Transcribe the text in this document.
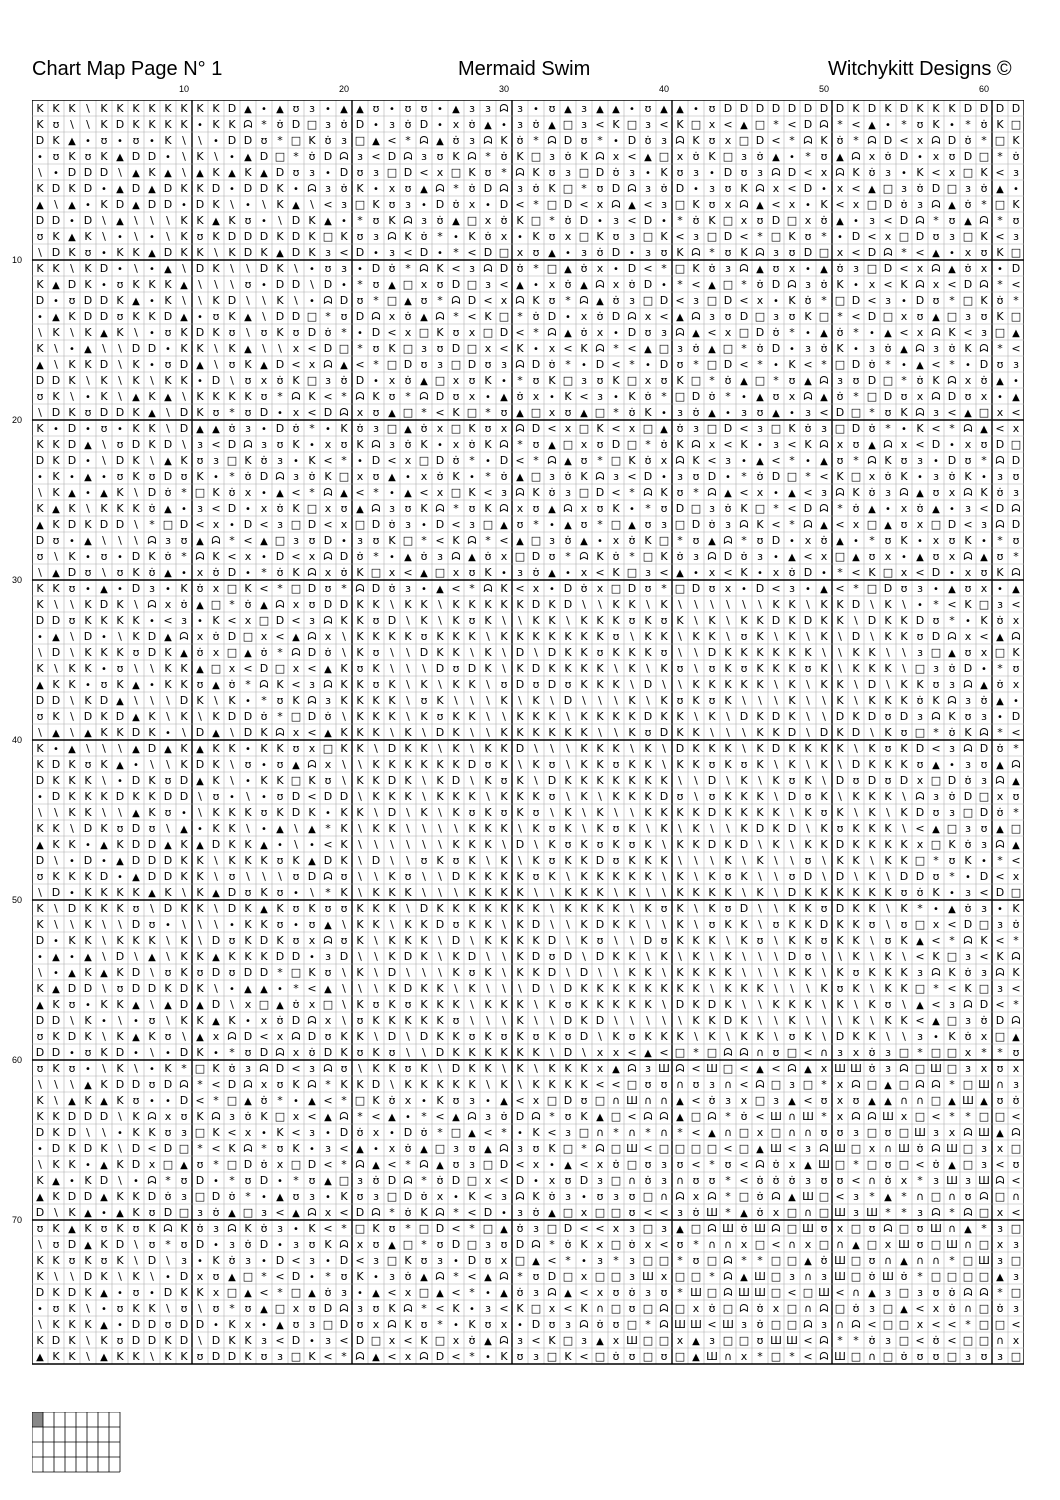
Chart Map Page N° 1	Mermaid Swim	Witchykitt Designs ©
10	20	30	40	50	60
10
20
30
40
50
60
70
K K K \ K K K K K K K K D ▲ • ▲ ʊ ɜ • ▲ ▲ ʊ • ʊ ʊ • ▲ ɜ ɜ ᗣ ɜ • ʊ ▲ ɜ ▲ ▲ • ʊ ▲ ▲ • ʊ D D D D D D D D K D K D K K K D D D D
K ʊ \ \ K D K K K K • K K ᗣ * ʊ̇ D □ ɜ ʊ̇ D • ɜ ʊ̇ D • x ʊ̇ ▲ • ɜ ʊ̇ ▲ □ ɜ < K □ ɜ < K □ x < ▲ □ * < D ᗣ * < ▲ • * ʊ K • * ʊ̇ K □
D K ▲ • ʊ • ʊ • K \ \ • D D ʊ * □ K ʊ̇ ɜ □ ▲ < * ᗣ ▲ ʊ̇ ɜ ᗣ K ʊ̇ * ᗣ D ʊ * • D ʊ̇ ɜ ᗣ K ʊ x □ D < * ᗣ K ʊ̇ * ᗣ D < x ᗣ D ʊ̇ * □ K
• ʊ K ʊ K ▲ D D • \ K \ • ▲ D □ * ʊ̇ D ᗣ ɜ < D ᗣ ɜ ʊ K ᗣ * ʊ̇ K □ ɜ ʊ̇ K ᗣ x < ▲ □ x ʊ̇ K □ ɜ ʊ̇ ▲ • * ʊ ▲ ᗣ x ʊ̇ D • x ʊ D □ * ʊ̇
\ • D D D \ ▲ K ▲ \ ▲ K ▲ K ▲ D ʊ ɜ • D ʊ ɜ □ D < x □ K ʊ * ᗣ K ʊ ɜ □ D ʊ̇ ɜ • K ʊ ɜ • D ʊ ɜ ᗣ D < x ᗣ K ʊ̇ ɜ • K < x □ K < ɜ
K D K D • ▲ D ▲ D K K D • D D K • ᗣ ɜ ʊ̇ K • x ʊ ▲ ᗣ * ʊ̇ D ᗣ ɜ ʊ̇ K □ * ʊ D ᗣ ɜ ʊ̇ D • ɜ ʊ K ᗣ x < D • x < ▲ □ ɜ ʊ̇ D □ ɜ ʊ̇ ▲ •
▲ \ ▲ • K D ▲ D D • D K \ • \ K ▲ \ < ɜ □ K ʊ ɜ • D ʊ̇ x • D < * □ D < x ᗣ ▲ < ɜ □ K ʊ x ᗣ ▲ < x • K < x □ D ʊ̇ ɜ ᗣ ▲ ʊ̇ * □ K
D D • D \ ▲ \ \ \ K K ▲ K ʊ • \ D K ▲ • * ʊ K ᗣ ɜ ʊ̇ ▲ □ x ʊ̇ K □ * ʊ̇ D • ɜ < D • * ʊ̇ K □ x ʊ D □ x ʊ̇ ▲ • ɜ < D ᗣ * ʊ ▲ ᗣ * ʊ
ʊ K ▲ K \ • \ • \ K ʊ K D D D K D K □ K ʊ ɜ ᗣ K ʊ̇ * • K ʊ̇ x • K ʊ x □ K ʊ ɜ □ K < ɜ □ D < * □ K ʊ * • D < x □ D ʊ ɜ □ K < ɜ
\ D K ʊ • K K ▲ D K K \ K D K ▲ D K ɜ < D • ɜ < D • * < D □ x ʊ ▲ • ɜ ʊ̇ D • ɜ ʊ K ᗣ * ʊ K ᗣ ɜ ʊ D □ x < D ᗣ * < ▲ • x ʊ K □
K K \ K D • \ • ▲ \ D K \ \ D K \ • ʊ ɜ • D ʊ̇ * ᗣ K < ɜ ᗣ D ʊ̇ * □ ▲ ʊ̇ x • D < * □ K ʊ̇ ɜ ᗣ ▲ ʊ x • ▲ ʊ̇ ɜ □ D < x ᗣ ▲ ʊ̇ x • D
K ▲ D K • ʊ K K K ▲ \ \ \ ʊ • D D \ D • * ʊ ▲ □ x ʊ D □ ɜ < ▲ • x ʊ̇ ▲ ᗣ x ʊ̇ D • * < ▲ □ * ʊ̇ D ᗣ ɜ ʊ̇ K • x < K ᗣ x < D ᗣ * <
D • ʊ D D K ▲ • K \ \ K D \ \ K \ • ᗣ D ʊ * □ ▲ ʊ * ᗣ D < x ᗣ K ʊ * ᗣ ▲ ʊ̇ ɜ □ D < ɜ □ D < x • K ʊ̇ * □ D < ɜ • D ʊ * □ K ʊ̇ *
• ▲ K D D ʊ K K D ▲ • ʊ K ▲ \ D D □ * ʊ D ᗣ x ʊ̇ ▲ ᗣ * < K □ * ʊ̇ D • x ʊ̇ D ᗣ x < ▲ ᗣ ɜ ʊ D □ ɜ ʊ K □ * < D □ x ʊ ▲ □ ɜ ʊ K □
\ K \ K ▲ K \ • ʊ K D K ʊ \ ʊ K ʊ D ʊ̇ * • D < x □ K ʊ x □ D < * ᗣ ▲ ʊ̇ x • D ʊ ɜ ᗣ ▲ < x □ D ʊ̇ * • ▲ ʊ̇ * • ▲ < x ᗣ K < ɜ □ ▲
K \ • ▲ \ \ D D • K K \ K ▲ \ \ x < D □ * ʊ K □ ɜ ʊ D □ x < K • x < K ᗣ * < ▲ □ ɜ ʊ̇ ▲ □ * ʊ̇ D • ɜ ʊ̇ K • ɜ ʊ̇ ▲ ᗣ ɜ ʊ̇ K ᗣ * <
▲ \ K K D \ K • ʊ D ▲ \ ʊ K ▲ D < x ᗣ ▲ < * □ D ʊ ɜ □ D ʊ ɜ ᗣ D ʊ̇ * • D < * • D ʊ * □ D < * • K < * □ D ʊ̇ * • ▲ < * • D ʊ ɜ
D D K \ K \ K \ K K • D \ ʊ x ʊ̇ K □ ɜ ʊ̇ D • x ʊ̇ ▲ □ x ʊ K • * ʊ K □ ɜ ʊ K □ x ʊ K □ * ʊ̇ ▲ □ * ʊ ▲ ᗣ ɜ ʊ D □ * ʊ̇ K ᗣ x ʊ̇ ▲ •
ʊ K \ • K \ ▲ K ▲ \ K K K K ʊ * ᗣ K < * ᗣ K ʊ * ᗣ D ʊ x • ▲ ʊ̇ x • K < ɜ • K ʊ̇ * □ D ʊ̇ * • ▲ ʊ x ᗣ ▲ ʊ̇ * □ D ʊ x ᗣ D ʊ x • ▲
\ D K ʊ D D K ▲ \ D K ʊ * ʊ D • x < D ᗣ x ʊ ▲ □ * < K □ * ʊ ▲ □ x ʊ ▲ □ * ʊ̇ K • ɜ ʊ̇ ▲ • ɜ ʊ ▲ • ɜ < D □ * ʊ K ᗣ ɜ < ▲ □ x <
K • D • ʊ • K K \ D ▲ ▲ ʊ̇ ɜ • D ʊ̇ * • K ʊ̇ ɜ □ ▲ ʊ̇ x □ K ʊ x ᗣ D < x □ K < x □ ▲ ʊ̇ ɜ □ D < ɜ □ K ʊ̇ ɜ □ D ʊ̇ * • K < * ᗣ ▲ < x
K K D ▲ \ ʊ D K D \ ɜ < D ᗣ ɜ ʊ K • x ʊ K ᗣ ɜ ʊ̇ K • x ʊ̇ K ᗣ * ʊ ▲ □ x ʊ D □ * ʊ̇ K ᗣ x < K • ɜ < K ᗣ x ʊ ▲ ᗣ x < D • x ʊ D □
D K D • \ D K \ ▲ K ʊ ɜ □ K ʊ̇ ɜ • K < * • D < x □ D ʊ̇ * • D < * ᗣ ▲ ʊ * □ K ʊ̇ x ᗣ K < ɜ • ▲ < * • ▲ ʊ * ᗣ K ʊ ɜ • D ʊ * ᗣ D
• K • ▲ • ʊ K ʊ D ʊ K • * ʊ̇ D ᗣ ɜ ʊ̇ K □ x ʊ ▲ • x ʊ̇ K • * ʊ̇ ▲ □ ɜ ʊ̇ K ᗣ ɜ < D • ɜ ʊ D • * ʊ̇ D □ * < K □ x ʊ̇ K • ɜ ʊ̇ K • ɜ ʊ
\ K ▲ • ▲ K \ D ʊ̇ * □ K ʊ̇ x • ▲ < * ᗣ ▲ < * • ▲ < x □ K < ɜ ᗣ K ʊ̇ ɜ □ D < * ᗣ K ʊ * ᗣ ▲ < x • ▲ < ɜ ᗣ K ʊ̇ ɜ ᗣ ▲ ʊ x ᗣ K ʊ̇ ɜ
K ▲ K \ K K K ʊ̇ ▲ • ɜ < D • x ʊ̇ K □ x ʊ ▲ ᗣ ɜ ʊ K ᗣ * ʊ K ᗣ x ʊ ▲ ᗣ x ʊ K • * ʊ D □ ɜ ʊ̇ K □ * < D ᗣ * ʊ̇ ▲ • x ʊ̇ ▲ • ɜ < D ᗣ
▲ K D K D D \ * □ D < x • D < ɜ □ D < x □ D ʊ̇ ɜ • D < ɜ □ ▲ ʊ * • ▲ ʊ * □ ▲ ʊ ɜ □ D ʊ̇ ɜ ᗣ K < * ᗣ ▲ < x □ ▲ ʊ x □ D < ɜ ᗣ D
D ʊ • ▲ \ \ \ ᗣ ɜ ʊ ▲ ᗣ * < ▲ □ ɜ ʊ D • ɜ ʊ K □ * < K ᗣ * < ▲ □ ɜ ʊ̇ ▲ • x ʊ̇ K □ * ʊ ▲ ᗣ * ʊ D • x ʊ̇ ▲ • * ʊ K • x ʊ K • * ʊ
ʊ \ K • ʊ • D K ʊ̇ * ᗣ K < x • D < x ᗣ D ʊ̇ * • ▲ ʊ̇ ɜ ᗣ ▲ ʊ̇ x □ D ʊ * ᗣ K ʊ̇ * □ K ʊ̇ ɜ ᗣ D ʊ̇ ɜ • ▲ < x □ ▲ ʊ x • ▲ ʊ x ᗣ ▲ ʊ *
\ ▲ D ʊ \ ʊ K ʊ̇ ▲ • x ʊ̇ D • * ʊ̇ K ᗣ x ʊ̇ K □ x < ▲ □ x ʊ K • ɜ ʊ̇ ▲ • x < K □ ɜ < ▲ • x < K • x ʊ̇ D • * < K □ x < D • x ʊ K ᗣ
K K ʊ • ▲ • D ɜ • K ʊ̇ x □ K < * □ D ʊ * ᗣ D ʊ̇ ɜ • ▲ < * ᗣ K < x • D ʊ̇ x □ D ʊ * □ D ʊ x • D < ɜ • ▲ < * □ D ʊ ɜ • ▲ ʊ x • ▲
K \ \ K D K \ ᗣ x ʊ̇ ▲ □ * ʊ̇ ▲ ᗣ x ʊ D D K K \ K K \ K K K K K D K D \ \ K K \ K \ \ \ \ \ \ K K \ K K D \ K \ • * < K □ ɜ <
D D ʊ K K K K • < ɜ • K < x □ D < ɜ ᗣ K K ʊ D \ K \ K ʊ K \ \ K K \ K K K ʊ K ʊ K \ K \ K K D K D K K \ D K K D ʊ * • K ʊ̇ x
• ▲ \ D • \ K D ▲ ᗣ x ʊ̇ D □ x < ▲ ᗣ x \ K K K K ʊ K K K \ K K K K K K K ʊ \ K K \ K K \ ʊ K \ K \ K \ D \ K K ʊ D ᗣ x < ▲ ᗣ
\ D \ K K K ʊ D K ▲ ʊ̇ x □ ▲ ʊ̇ * ᗣ D ʊ̇ \ K ʊ \ \ D K K \ K \ D \ D K K ʊ K K K ʊ \ \ D K K K K K K \ \ K K \ \ ɜ □ ▲ ʊ x □ K
K \ K K • ʊ \ \ K K ▲ □ x < D □ x < ▲ K ʊ K \ \ \ D ʊ D K \ K D K K K K \ K \ K ʊ \ ʊ K ʊ K K K ʊ K \ K K K \ □ ɜ ʊ̇ D • * ʊ
▲ K K • ʊ K ▲ • K K ʊ ▲ ʊ̇ * ᗣ K < ɜ ᗣ K K ʊ K \ K \ K K \ ʊ D ʊ D ʊ K K K \ D \ \ K K K K K \ K \ K K \ D \ K K ʊ ɜ ᗣ ▲ ʊ̇ x
D D \ K D ▲ \ \ \ D K \ K • * ʊ K ᗣ ɜ K K K K \ ʊ K \ \ \ K \ K \ D \ \ \ K \ K ʊ K ʊ K \ \ \ K \ \ K \ K K K ʊ̇ K ᗣ ɜ ʊ̇ ▲ •
ʊ K \ D K D ▲ K \ K \ K D D ʊ̇ * □ D ʊ̇ \ K K K \ K ʊ K K \ \ K K K \ K K K K D K K \ K \ D K D K \ \ D K D ʊ D ɜ ᗣ K ʊ ɜ • D
\ ▲ \ ▲ K K D K • \ D ▲ \ D K ᗣ x < ▲ K K K \ K \ D K \ \ K K K K K K \ \ K ʊ D K K \ \ \ K K D \ D K D \ K ʊ □ * ʊ̇ K ᗣ * <
K • ▲ \ \ \ ▲ D ▲ K ▲ K K • K K ʊ x □ K K \ D K K \ K \ K K D \ \ \ K K K \ K \ D K K K \ K D K K K K \ K ʊ K D < ɜ ᗣ D ʊ̇ *
K D K ʊ K ▲ • \ \ K D K \ ʊ • ʊ ▲ ᗣ x \ \ K K K K K K D ʊ K \ K ʊ \ K K ʊ K K \ K K ʊ K ʊ K \ K \ K \ D K K K ʊ ▲ • ɜ ʊ ▲ ᗣ
D K K K \ • D K ʊ D ▲ K \ • K K □ K ʊ \ K K D K \ K D \ K ʊ K \ D K K K K K K K \ \ D \ K \ K ʊ K \ D ʊ D ʊ D x □ D ʊ̇ ɜ ᗣ ▲
• D K K K D K K D D \ ʊ • \ • ʊ D < D D \ K K K \ K K K \ K K K ʊ \ K \ K K K D ʊ \ ʊ K K K \ D ʊ K \ K K K \ ᗣ ɜ ʊ̇ D □ x ʊ
\ \ K K \ \ ▲ K ʊ • \ K K K ʊ K D K • K K \ D \ K \ K ʊ K ʊ K ʊ \ K \ K \ \ K K K K D K K K K \ K ʊ K \ K \ K D ʊ ɜ □ D ʊ̇ *
K K \ D K ʊ D ʊ \ ▲ • K K \ • ▲ \ ▲ * K \ K K \ \ \ \ K K K \ K ʊ K \ K ʊ K \ K \ K \ \ K D K D \ K ʊ K K K \ < ▲ □ ɜ ʊ ▲ □
▲ K K • ▲ K D D ▲ K ▲ D K K ▲ • \ • < K \ \ \ \ \ \ K K K \ D \ K ʊ K ʊ K ʊ K \ K K D K D \ K \ K K D K K K K x □ K ʊ̇ ɜ ᗣ ▲
D \ • D • ▲ D D D K K \ K K K ʊ K ▲ D K \ D \ \ ʊ K ʊ K \ K \ K ʊ K K D ʊ K K K \ \ \ K \ K \ \ ʊ \ K K \ K K □ * ʊ K • * <
ʊ K K K D • ▲ D D K K \ ʊ \ \ \ ʊ D ᗣ ʊ \ \ K ʊ \ \ D K K K K ʊ K \ K K K K K \ K \ K ʊ K \ \ ʊ D \ D \ K \ D D ʊ * • D < x
\ D • K K K K ▲ K \ K ▲ D ʊ K ʊ • \ * K \ K K K \ \ \ K K K K \ \ K K K \ K \ \ K K K K \ K \ D K K K K K K ʊ ʊ̇ K • ɜ < D □
K \ D K K K ʊ \ D K K \ D K ▲ K ʊ K ʊ ʊ K K K \ D K K K K K K K \ K K K K \ K ʊ K \ K ʊ D \ \ K K ʊ D K K \ K * • ▲ ʊ̇ ɜ • K
K \ \ K \ \ D ʊ • \ \ \ • K K ʊ • ʊ ▲ \ K K \ K K D ʊ K K \ K D \ \ K D K K \ \ K \ ʊ K K \ ʊ K K D K K ʊ \ ʊ □ x < D □ ɜ ʊ̇
D • K K \ K K K \ K \ D ʊ K D K ʊ x ᗣ ʊ K \ K K K \ D \ K K K K D \ K ʊ \ \ D ʊ K K K \ K ʊ \ K K ʊ K K \ ʊ K ▲ < * ᗣ K < *
• ▲ • ▲ \ D \ ▲ \ K K ▲ K K K D D • ɜ D \ \ K D K \ K D \ \ K D ʊ D \ D K K \ K \ K \ K \ \ \ D ʊ \ \ K \ K \ < K □ ɜ < K ᗣ
\ • ▲ K ▲ K D \ ʊ K ʊ D ʊ D D * □ K ʊ \ K \ D \ \ \ K ʊ K \ K K D \ D \ \ K K \ K K K K \ \ \ K K \ K ʊ K K K ɜ ᗣ K ʊ̇ ɜ ᗣ K
K ▲ D D \ ʊ D D K D K \ • ▲ ▲ • * < ▲ \ \ \ K D K K \ K \ \ \ D \ D K K K K K K K K \ K K K \ \ \ K ʊ K \ K K □ * < K □ ɜ <
▲ K ʊ • K K ▲ \ ▲ D ▲ D \ x □ ▲ ʊ̇ x □ \ K ʊ K ʊ K K K \ K K K \ K ʊ K K K K K \ D K D K \ \ K K K \ K \ K ʊ \ ▲ < ɜ ᗣ D < *
D D \ K • \ • ʊ \ K K ▲ K • x ʊ̇ D ᗣ x \ ʊ K K K K K ʊ \ \ \ K \ \ D K D \ \ \ \ \ K K D K \ \ K \ \ \ K \ K K < ▲ □ ɜ ʊ̇ D ᗣ
ʊ K D K \ K ▲ K ʊ \ ▲ x ᗣ D < x ᗣ D ʊ K K \ D \ D K K ʊ K ʊ K ʊ K ʊ D \ K ʊ K K K \ K \ K K \ ʊ K \ D K K \ \ ɜ • K ʊ̇ x □ ▲
D D • ʊ K D • \ • D K • * ʊ D ᗣ x ʊ̇ D K ʊ K ʊ \ \ D K K K K K K \ D \ x x < ▲ < □ * □ ᗣ ᗣ ∩ ʊ □ < ∩ ɜ x ʊ̇ ɜ □ * □ □ x * * ʊ
ʊ K ʊ • \ K \ • K * □ K ʊ̇ ɜ ᗣ D < ɜ ᗣ ʊ \ K K ʊ K \ D K K \ K \ K K K x ▲ ᗣ ɜ Ш ᗣ < Ш □ < ▲ < ᗣ ▲ x Ш Ш ʊ̇ ɜ ᗣ □ Ш □ ɜ x ʊ x
\ \ \ ▲ K D D ʊ D ᗣ * < D ᗣ x ʊ K ᗣ * K K D \ K K K K K \ K \ K K K K < < □ ʊ ʊ ∩ ʊ ɜ ∩ < ᗣ □ ɜ □ * x ᗣ □ ▲ □ ᗣ ᗣ * □ Ш ∩ ɜ
K \ ▲ K ▲ K ʊ • • D < * □ ▲ ʊ̇ * • ▲ < * □ K ʊ̇ x • K ʊ ɜ • ▲ < x □ D ʊ □ ∩ Ш ∩ ∩ ▲ < ʊ̇ ɜ x □ ɜ ▲ < ʊ x ʊ ▲ ▲ ∩ ∩ □ ▲ Ш ▲ ʊ ʊ̇
K K D D D \ K ᗣ x ʊ K ᗣ ɜ ʊ̇ K □ x < ▲ ᗣ * < ▲ • * < ▲ ᗣ ɜ ʊ̇ D ᗣ * ʊ K ▲ □ < ᗣ ᗣ ▲ □ ᗣ * ʊ̇ < Ш ∩ Ш * x ᗣ ᗣ Ш x □ < * * □ □ <
D K D \ \ • K K ʊ ɜ □ K < x • K < ɜ • D ʊ̇ x • D ʊ̇ * □ ▲ < * • K < ɜ □ ∩ * ∩ * ∩ * < ▲ ∩ □ x □ ∩ ∩ ʊ ʊ ɜ □ ʊ □ Ш ɜ x ᗣ Ш ▲ ᗣ
• D K D K \ D < D □ * < K ᗣ * ʊ K • ɜ < ▲ • x ʊ̇ ▲ □ ɜ ʊ ▲ ᗣ ɜ ʊ K □ * ᗣ □ Ш < □ □ □ □ < □ ▲ Ш < ɜ ᗣ Ш □ x ∩ Ш ʊ̇ ᗣ Ш □ ɜ x □
\ K K • ▲ K D x □ ▲ ʊ * □ D ʊ̇ x □ D < * ᗣ ▲ < * ᗣ ▲ ʊ ɜ □ D < x • ▲ < x ʊ̇ □ ʊ ɜ ʊ < * ʊ < ᗣ ʊ̇ x ▲ Ш □ * □ ʊ □ < ʊ̇ ▲ □ ɜ < ʊ
K ▲ • K D \ • ᗣ * ʊ D • * ʊ D • * ʊ ▲ □ ɜ ʊ̇ D ᗣ * ʊ̇ D □ x < D • x ʊ D ɜ □ ∩ ʊ̇ ɜ ∩ ʊ ʊ * < ʊ̇ ʊ̇ ʊ̇ ɜ ʊ ʊ < ∩ ʊ̇ x * ɜ Ш ɜ Ш ᗣ <
▲ K D D ▲ K K D ʊ̇ ɜ □ D ʊ̇ * • ▲ ʊ ɜ • K ʊ ɜ □ D ʊ̇ x • K < ɜ ᗣ K ʊ̇ ɜ • ʊ ɜ ʊ □ ∩ ᗣ x ᗣ * □ ʊ̇ ᗣ ▲ Ш □ < ɜ * ▲ * ∩ □ ∩ ʊ ᗣ □ ∩
D \ K ▲ • ▲ K ʊ D □ ɜ ʊ̇ ▲ □ ɜ < ▲ ᗣ x < D ᗣ * ʊ̇ K ᗣ * < D • ɜ ʊ̇ ▲ □ x □ □ ʊ < < ɜ ʊ̇ Ш * ▲ ʊ̇ x □ ∩ □ Ш ɜ Ш * * ɜ ᗣ * ᗣ □ x <
ʊ K ▲ K ʊ K ʊ K ᗣ K ʊ̇ ɜ ᗣ K ʊ̇ ɜ • K < * □ K ʊ * □ D < * □ ▲ ʊ̇ ɜ □ D < < x ɜ □ ɜ ▲ □ ᗣ Ш ʊ̇ Ш ᗣ □ Ш ʊ x □ ʊ ᗣ □ ʊ Ш ∩ ▲ * ɜ □
\ ʊ D ▲ K D \ ʊ * ʊ D • ɜ ʊ̇ D • ɜ ʊ K ᗣ x ʊ ▲ □ * ʊ D □ ɜ ʊ D ᗣ * ʊ̇ K x □ ʊ̇ x < ʊ * ∩ ∩ x □ < ∩ x □ ∩ ▲ □ x Ш ʊ □ Ш ∩ □ x ɜ
K K ʊ K ʊ K \ D \ ɜ • K ʊ̇ ɜ • D < ɜ • D < ɜ □ K ʊ ɜ • D ʊ x □ ▲ < * • ɜ * ɜ □ □ * ʊ □ ᗣ * * □ □ ▲ ʊ̇ Ш □ ʊ ∩ ▲ ∩ ∩ * □ Ш ɜ □
K \ \ D K \ K \ • D x ʊ ▲ □ * < D • * ʊ K • ɜ ʊ̇ ▲ ᗣ * < ▲ ᗣ * ʊ D □ x □ □ ɜ Ш x □ □ * ᗣ ▲ Ш □ ɜ ∩ ɜ Ш □ ʊ̇ Ш ʊ̇ * □ □ □ □ ▲ ɜ
D K D K ▲ • ʊ • D K K x □ ▲ < * □ ▲ ʊ̇ ɜ • ▲ < x □ ▲ < * • ▲ ʊ̇ ɜ ᗣ ▲ < x ʊ ʊ̇ ɜ ʊ * Ш □ ᗣ Ш Ш □ < □ Ш < ∩ ▲ ɜ □ ɜ ʊ ʊ̇ ᗣ ᗣ * □
• ʊ K \ • ʊ K K \ ʊ \ ʊ * ʊ ▲ □ x ʊ D ᗣ ɜ ʊ K ᗣ * < K • ɜ < K □ x < K ∩ □ ʊ □ ᗣ □ x ʊ̇ □ ᗣ ʊ̇ x □ ∩ ᗣ □ ʊ̇ ɜ □ ▲ < x ʊ̇ ∩ □ ʊ̇ ɜ
\ K K K ▲ • D D ʊ D D • K x • ▲ ʊ ɜ □ D ʊ x ᗣ K ʊ * • K ʊ x • D ʊ ɜ ᗣ ʊ̇ ʊ □ * ᗣ Ш Ш < Ш ɜ ʊ̇ □ □ ᗣ ɜ ∩ ᗣ < □ □ x < < * □ □ <
K D K \ K ʊ D D K D \ D K K ɜ < D • ɜ < D □ x < K □ x ʊ̇ ▲ ᗣ ɜ < K □ ɜ ▲ x Ш □ □ x ▲ ɜ □ □ ʊ Ш Ш < ᗣ * * ʊ̇ ɜ □ < ʊ̇ < □ □ ∩ x
▲ K K \ ▲ K K \ K K ʊ D D K ʊ ɜ □ K < * ᗣ ▲ < x ᗣ D < * • K ʊ ɜ □ K < □ ʊ̇ ʊ □ ʊ □ ▲ Ш ∩ x * □ * < ᗣ Ш □ ∩ □ ʊ̇ ʊ ʊ □ ɜ ʊ ɜ □
